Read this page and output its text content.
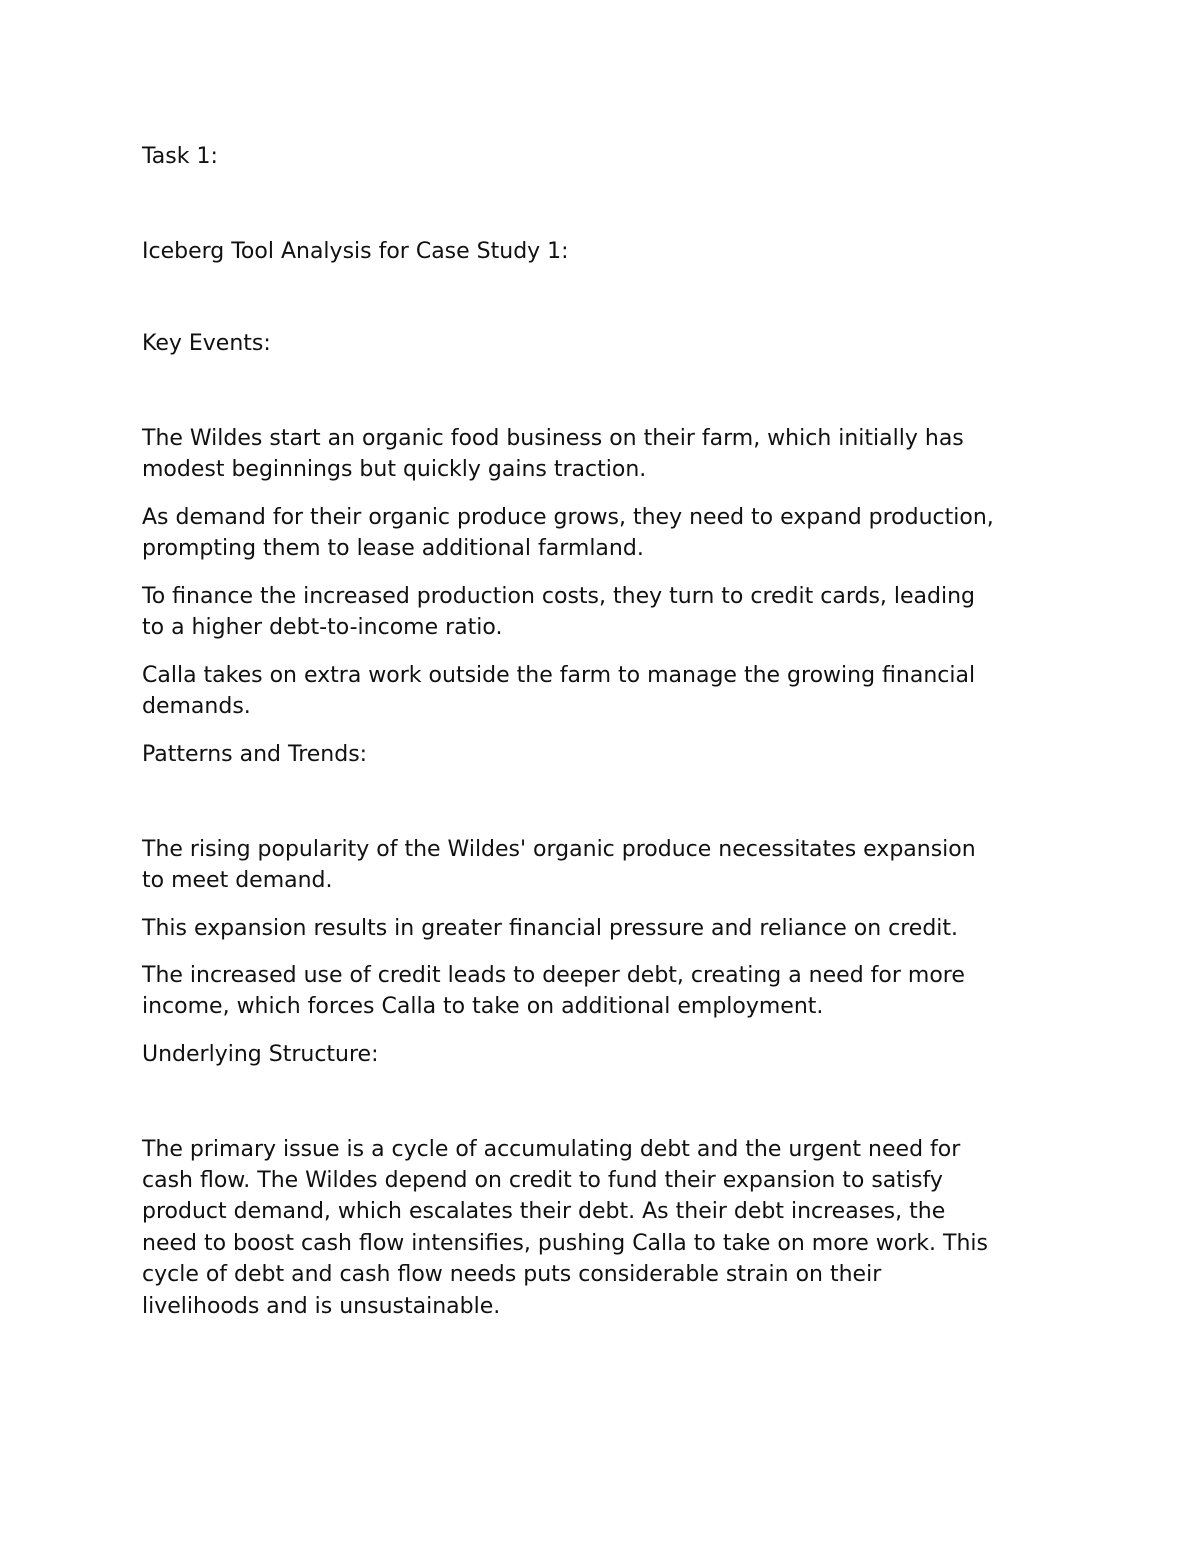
Task 1:

Iceberg Tool Analysis for Case Study 1:

Key Events:

The Wildes start an organic food business on their farm, which initially has

modest beginnings but quickly gains traction.

As demand for their organic produce grows, they need to expand production,

prompting them to lease additional farmland.

To finance the increased production costs, they turn to credit cards, leading

to a higher debt-to-income ratio.

Calla takes on extra work outside the farm to manage the growing financial

demands.

Patterns and Trends:

The rising popularity of the Wildes' organic produce necessitates expansion

to meet demand.

This expansion results in greater financial pressure and reliance on credit.

The increased use of credit leads to deeper debt, creating a need for more

income, which forces Calla to take on additional employment.

Underlying Structure:

The primary issue is a cycle of accumulating debt and the urgent need for

cash flow. The Wildes depend on credit to fund their expansion to satisfy

product demand, which escalates their debt. As their debt increases, the

need to boost cash flow intensifies, pushing Calla to take on more work. This

cycle of debt and cash flow needs puts considerable strain on their

livelihoods and is unsustainable.
